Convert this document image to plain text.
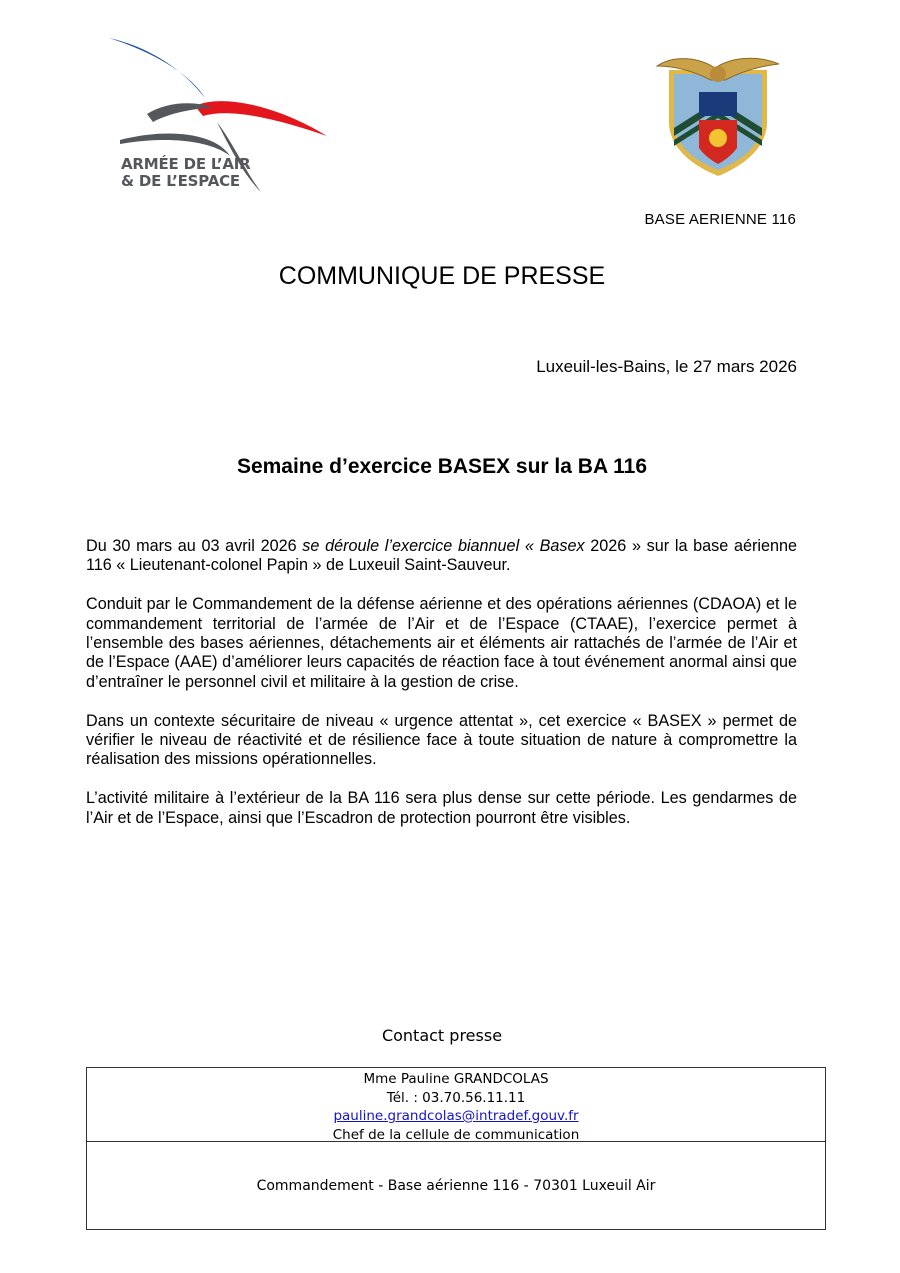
ARMÉE DE L’AIR
& DE L’ESPACE
BASE AERIENNE 116
COMMUNIQUE DE PRESSE
Luxeuil-les-Bains, le 27 mars 2026
Semaine d’exercice BASEX sur la BA 116

Du 30 mars au 03 avril 2026 se déroule l’exercice biannuel « Basex 2026 » sur la base aérienne 116 « Lieutenant-colonel Papin » de Luxeuil Saint-Sauveur.

Conduit par le Commandement de la défense aérienne et des opérations aériennes (CDAOA) et le commandement territorial de l’armée de l’Air et de l’Espace (CTAAE), l’exercice permet à l’ensemble des bases aériennes, détachements air et éléments air rattachés de l’armée de l’Air et de l’Espace (AAE) d’améliorer leurs capacités de réaction face à tout événement anormal ainsi que d’entraîner le personnel civil et militaire à la gestion de crise.

Dans un contexte sécuritaire de niveau « urgence attentat », cet exercice « BASEX » permet de vérifier le niveau de réactivité et de résilience face à toute situation de nature à compromettre la réalisation des missions opérationnelles.

L’activité militaire à l’extérieur de la BA 116 sera plus dense sur cette période. Les gendarmes de l’Air et de l’Espace, ainsi que l’Escadron de protection pourront être visibles.

Contact presse
Mme Pauline GRANDCOLAS
Tél. : 03.70.56.11.11
pauline.grandcolas@intradef.gouv.fr
Chef de la cellule de communication
Commandement - Base aérienne 116 - 70301 Luxeuil Air
